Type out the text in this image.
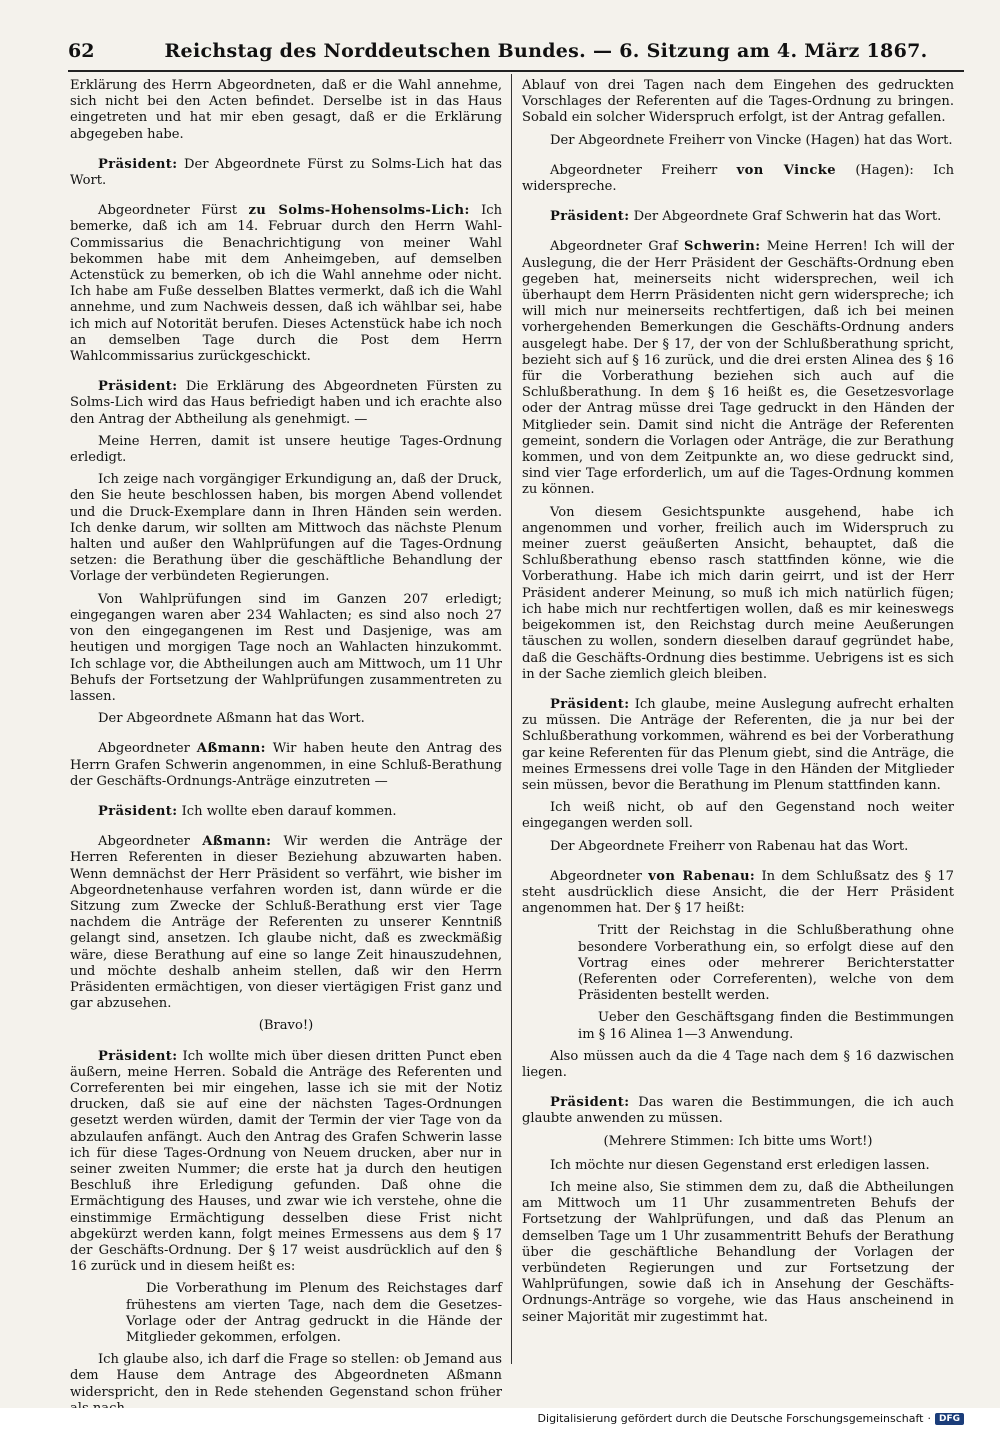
62	Reichstag des Norddeutschen Bundes. — 6. Sitzung am 4. März 1867.

Erklärung des Herrn Abgeordneten, daß er die Wahl annehme, sich nicht bei den Acten befindet. Derselbe ist in das Haus eingetreten und hat mir eben gesagt, daß er die Erklärung abgegeben habe.

Präsident: Der Abgeordnete Fürst zu Solms-Lich hat das Wort.

Abgeordneter Fürst zu Solms-Hohensolms-Lich: Ich bemerke, daß ich am 14. Februar durch den Herrn Wahl-Commissarius die Benachrichtigung von meiner Wahl bekommen habe mit dem Anheimgeben, auf demselben Actenstück zu bemerken, ob ich die Wahl annehme oder nicht. Ich habe am Fuße desselben Blattes vermerkt, daß ich die Wahl annehme, und zum Nachweis dessen, daß ich wählbar sei, habe ich mich auf Notorität berufen. Dieses Actenstück habe ich noch an demselben Tage durch die Post dem Herrn Wahlcommissarius zurückgeschickt.

Präsident: Die Erklärung des Abgeordneten Fürsten zu Solms-Lich wird das Haus befriedigt haben und ich erachte also den Antrag der Abtheilung als genehmigt. —

Meine Herren, damit ist unsere heutige Tages-Ordnung erledigt.

Ich zeige nach vorgängiger Erkundigung an, daß der Druck, den Sie heute beschlossen haben, bis morgen Abend vollendet und die Druck-Exemplare dann in Ihren Händen sein werden. Ich denke darum, wir sollten am Mittwoch das nächste Plenum halten und außer den Wahlprüfungen auf die Tages-Ordnung setzen: die Berathung über die geschäftliche Behandlung der Vorlage der verbündeten Regierungen.

Von Wahlprüfungen sind im Ganzen 207 erledigt; eingegangen waren aber 234 Wahlacten; es sind also noch 27 von den eingegangenen im Rest und Dasjenige, was am heutigen und morgigen Tage noch an Wahlacten hinzukommt. Ich schlage vor, die Abtheilungen auch am Mittwoch, um 11 Uhr Behufs der Fortsetzung der Wahlprüfungen zusammentreten zu lassen.

Der Abgeordnete Aßmann hat das Wort.

Abgeordneter Aßmann: Wir haben heute den Antrag des Herrn Grafen Schwerin angenommen, in eine Schluß-Berathung der Geschäfts-Ordnungs-Anträge einzutreten —

Präsident: Ich wollte eben darauf kommen.

Abgeordneter Aßmann: Wir werden die Anträge der Herren Referenten in dieser Beziehung abzuwarten haben. Wenn demnächst der Herr Präsident so verfährt, wie bisher im Abgeordnetenhause verfahren worden ist, dann würde er die Sitzung zum Zwecke der Schluß-Berathung erst vier Tage nachdem die Anträge der Referenten zu unserer Kenntniß gelangt sind, ansetzen. Ich glaube nicht, daß es zweckmäßig wäre, diese Berathung auf eine so lange Zeit hinauszudehnen, und möchte deshalb anheim stellen, daß wir den Herrn Präsidenten ermächtigen, von dieser viertägigen Frist ganz und gar abzusehen.

(Bravo!)

Präsident: Ich wollte mich über diesen dritten Punct eben äußern, meine Herren. Sobald die Anträge des Referenten und Correferenten bei mir eingehen, lasse ich sie mit der Notiz drucken, daß sie auf eine der nächsten Tages-Ordnungen gesetzt werden würden, damit der Termin der vier Tage von da abzulaufen anfängt. Auch den Antrag des Grafen Schwerin lasse ich für diese Tages-Ordnung von Neuem drucken, aber nur in seiner zweiten Nummer; die erste hat ja durch den heutigen Beschluß ihre Erledigung gefunden. Daß ohne die Ermächtigung des Hauses, und zwar wie ich verstehe, ohne die einstimmige Ermächtigung desselben diese Frist nicht abgekürzt werden kann, folgt meines Ermessens aus dem § 17 der Geschäfts-Ordnung. Der § 17 weist ausdrücklich auf den § 16 zurück und in diesem heißt es:

Die Vorberathung im Plenum des Reichstages darf frühestens am vierten Tage, nach dem die Gesetzes-Vorlage oder der Antrag gedruckt in die Hände der Mitglieder gekommen, erfolgen.

Ich glaube also, ich darf die Frage so stellen: ob Jemand aus dem Hause dem Antrage des Abgeordneten Aßmann widerspricht, den in Rede stehenden Gegenstand schon früher

Ablauf von drei Tagen nach dem Eingehen des gedruckten Vorschlages der Referenten auf die Tages-Ordnung zu bringen. Sobald ein solcher Widerspruch erfolgt, ist der Antrag gefallen.

Der Abgeordnete Freiherr von Vincke (Hagen) hat das Wort.

Abgeordneter Freiherr von Vincke (Hagen): Ich widerspreche.

Präsident: Der Abgeordnete Graf Schwerin hat das Wort.

Abgeordneter Graf Schwerin: Meine Herren! Ich will der Auslegung, die der Herr Präsident der Geschäfts-Ordnung eben gegeben hat, meinerseits nicht widersprechen, weil ich überhaupt dem Herrn Präsidenten nicht gern widerspreche; ich will mich nur meinerseits rechtfertigen, daß ich bei meinen vorhergehenden Bemerkungen die Geschäfts-Ordnung anders ausgelegt habe. Der § 17, der von der Schlußberathung spricht, bezieht sich auf § 16 zurück, und die drei ersten Alinea des § 16 für die Vorberathung beziehen sich auch auf die Schlußberathung. In dem § 16 heißt es, die Gesetzesvorlage oder der Antrag müsse drei Tage gedruckt in den Händen der Mitglieder sein. Damit sind nicht die Anträge der Referenten gemeint, sondern die Vorlagen oder Anträge, die zur Berathung kommen, und von dem Zeitpunkte an, wo diese gedruckt sind, sind vier Tage erforderlich, um auf die Tages-Ordnung kommen zu können.

Von diesem Gesichtspunkte ausgehend, habe ich angenommen und vorher, freilich auch im Widerspruch zu meiner zuerst geäußerten Ansicht, behauptet, daß die Schlußberathung ebenso rasch stattfinden könne, wie die Vorberathung. Habe ich mich darin geirrt, und ist der Herr Präsident anderer Meinung, so muß ich mich natürlich fügen; ich habe mich nur rechtfertigen wollen, daß es mir keineswegs beigekommen ist, den Reichstag durch meine Aeußerungen täuschen zu wollen, sondern dieselben darauf gegründet habe, daß die Geschäfts-Ordnung dies bestimme. Uebrigens ist es sich in der Sache ziemlich gleich bleiben.

Präsident: Ich glaube, meine Auslegung aufrecht erhalten zu müssen. Die Anträge der Referenten, die ja nur bei der Schlußberathung vorkommen, während es bei der Vorberathung gar keine Referenten für das Plenum giebt, sind die Anträge, die meines Ermessens drei volle Tage in den Händen der Mitglieder sein müssen, bevor die Berathung im Plenum stattfinden kann.

Ich weiß nicht, ob auf den Gegenstand noch weiter eingegangen werden soll.

Der Abgeordnete Freiherr von Rabenau hat das Wort.

Abgeordneter von Rabenau: In dem Schlußsatz des § 17 steht ausdrücklich diese Ansicht, die der Herr Präsident angenommen hat. Der § 17 heißt:

Tritt der Reichstag in die Schlußberathung ohne besondere Vorberathung ein, so erfolgt diese auf den Vortrag eines oder mehrerer Berichterstatter (Referenten oder Correferenten), welche von dem Präsidenten bestellt werden.

Ueber den Geschäftsgang finden die Bestimmungen im § 16 Alinea 1—3 Anwendung.

Also müssen auch da die 4 Tage nach dem § 16 dazwischen liegen.

Präsident: Das waren die Bestimmungen, die ich auch glaubte anwenden zu müssen.

(Mehrere Stimmen: Ich bitte ums Wort!)

Ich möchte nur diesen Gegenstand erst erledigen lassen.

Ich meine also, Sie stimmen dem zu, daß die Abtheilungen am Mittwoch um 11 Uhr zusammentreten Behufs der Fortsetzung der Wahlprüfungen, und daß das Plenum an demselben Tage um 1 Uhr zusammentritt Behufs der Berathung über die geschäftliche Behandlung der Vorlagen der verbündeten Regierungen und zur Fortsetzung der Wahlprüfungen, sowie daß ich in Ansehung der Geschäfts-Ordnungs-Anträge so vorgehe, wie das Haus anscheinend in seiner Majorität mir zugestimmt hat.

Digitalisierung gefördert durch die Deutsche Forschungsgemeinschaft · DFG
